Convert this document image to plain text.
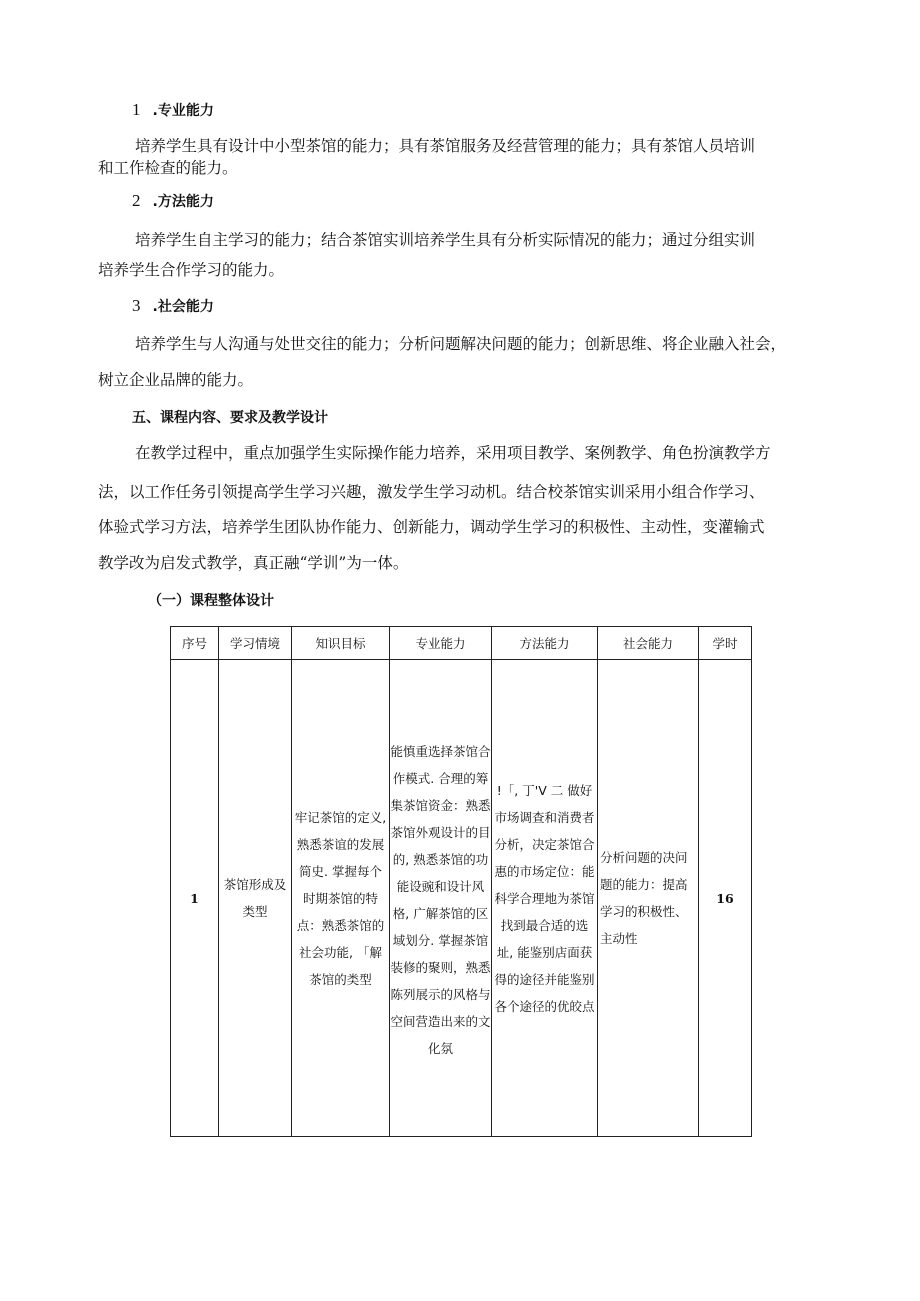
1 .专业能力
培养学生具有设计中小型茶馆的能力；具有茶馆服务及经营管理的能力；具有茶馆人员培训
和工作检查的能力。
2 .方法能力
培养学生自主学习的能力；结合茶馆实训培养学生具有分析实际情况的能力；通过分组实训
培养学生合作学习的能力。
3 .社会能力
培养学生与人沟通与处世交往的能力；分析问题解决问题的能力；创新思维、将企业融入社会，
树立企业品牌的能力。
五、课程内容、要求及教学设计
在教学过程中，重点加强学生实际操作能力培养，采用项目教学、案例教学、角色扮演教学方
法，以工作任务引领提高学生学习兴趣，激发学生学习动机。结合校茶馆实训采用小组合作学习、
体验式学习方法，培养学生团队协作能力、创新能力，调动学生学习的积极性、主动性，变灌输式
教学改为启发式教学，真正融“学训”为一体。
（一）课程整体设计
序号	学习情境	知识目标	专业能力	方法能力	社会能力	学时
1	茶馆形成及类型	牢记茶馆的定义, 熟悉茶谊的发展简史. 掌握每个时期茶馆的特点：熟悉茶馆的社会功能, 「解茶馆的类型	能慎重选择茶馆合作模式. 合理的筹集茶馆资金：熟悉茶馆外观设计的目的, 熟悉茶馆的功能设豌和设计风格, 广解茶馆的区域划分. 掌握茶馆装修的聚则，熟悉陈列展示的风格与空间营造出来的文化氛	!「, 丁'V 二 做好市场调查和消费者分析，决定茶馆合惠的市场定位：能科学合理地为茶馆找到最合适的选址, 能鉴别店面获得的途径并能鉴别各个途径的优皎点	分析问题的决问题的能力：提高学习的积极性、主动性	16
